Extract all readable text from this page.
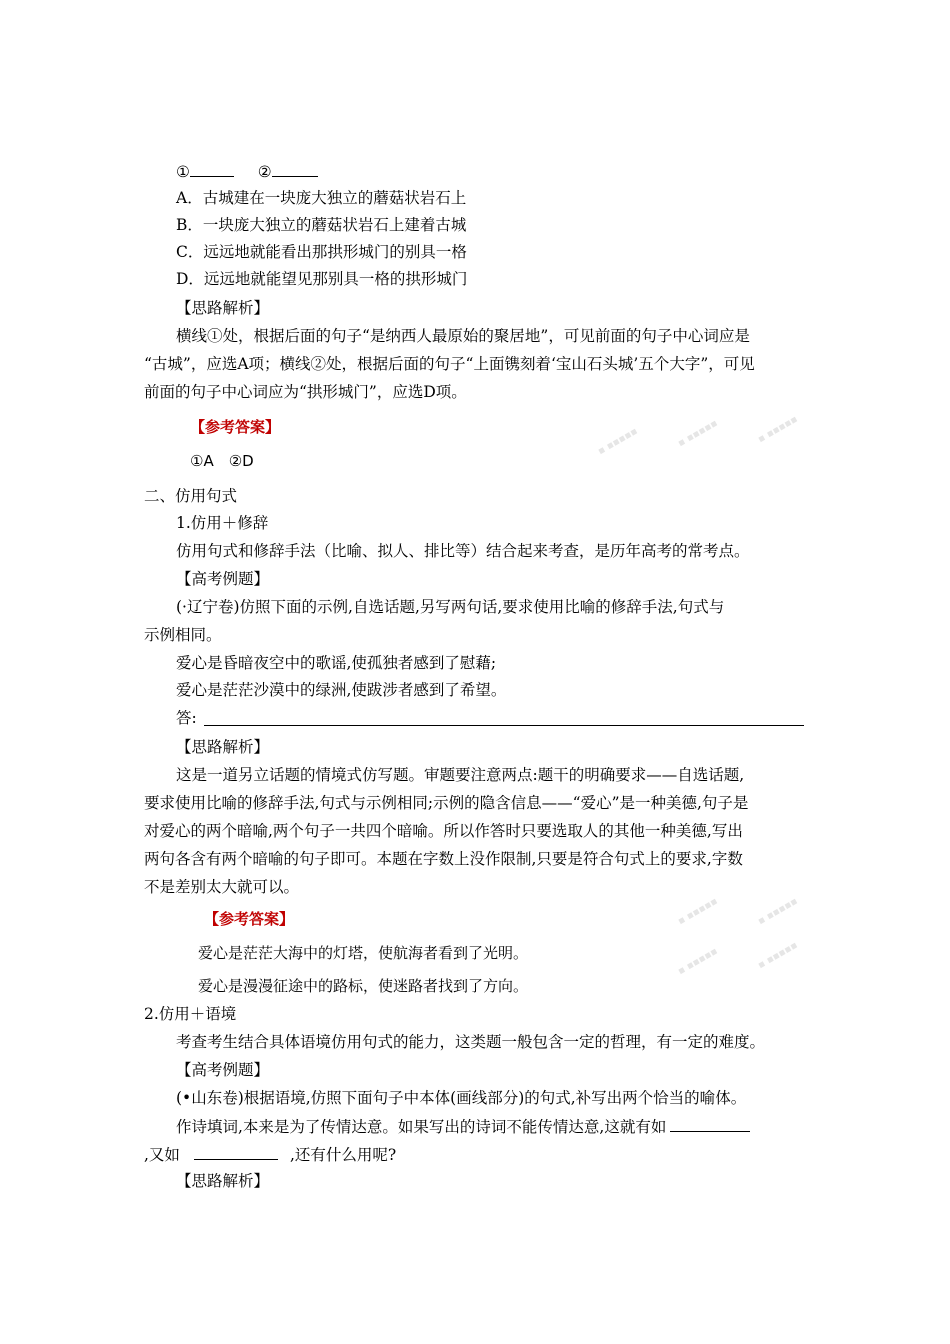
▪ ▪▪▪▪▪	▪ ▪▪▪▪▪	▪ ▪▪▪▪▪
▪ ▪▪▪▪▪	▪ ▪▪▪▪▪
▪ ▪▪▪▪▪	▪ ▪▪▪▪▪
①	②
A．古城建在一块庞大独立的蘑菇状岩石上
B．一块庞大独立的蘑菇状岩石上建着古城
C．远远地就能看出那拱形城门的别具一格
D．远远地就能望见那别具一格的拱形城门
【思路解析】
横线①处，根据后面的句子“是纳西人最原始的聚居地”，可见前面的句子中心词应是
“古城”，应选A项；横线②处，根据后面的句子“上面镌刻着‘宝山石头城’五个大字”，可见
前面的句子中心词应为“拱形城门”，应选D项。
【参考答案】
①A　②D
二、仿用句式
1.仿用＋修辞
仿用句式和修辞手法（比喻、拟人、排比等）结合起来考查，是历年高考的常考点。
【高考例题】
(·辽宁卷)仿照下面的示例,自选话题,另写两句话,要求使用比喻的修辞手法,句式与
示例相同。
爱心是昏暗夜空中的歌谣,使孤独者感到了慰藉;
爱心是茫茫沙漠中的绿洲,使跋涉者感到了希望。
答:
【思路解析】
这是一道另立话题的情境式仿写题。审题要注意两点:题干的明确要求——自选话题,
要求使用比喻的修辞手法,句式与示例相同;示例的隐含信息——“爱心”是一种美德,句子是
对爱心的两个暗喻,两个句子一共四个暗喻。所以作答时只要选取人的其他一种美德,写出
两句各含有两个暗喻的句子即可。本题在字数上没作限制,只要是符合句式上的要求,字数
不是差别太大就可以。
【参考答案】
爱心是茫茫大海中的灯塔，使航海者看到了光明。
爱心是漫漫征途中的路标，使迷路者找到了方向。
2.仿用＋语境
考查考生结合具体语境仿用句式的能力，这类题一般包含一定的哲理，有一定的难度。
【高考例题】
(•山东卷)根据语境,仿照下面句子中本体(画线部分)的句式,补写出两个恰当的喻体。
作诗填词,本来是为了传情达意。如果写出的诗词不能传情达意,这就有如
,又如	,还有什么用呢?
【思路解析】
